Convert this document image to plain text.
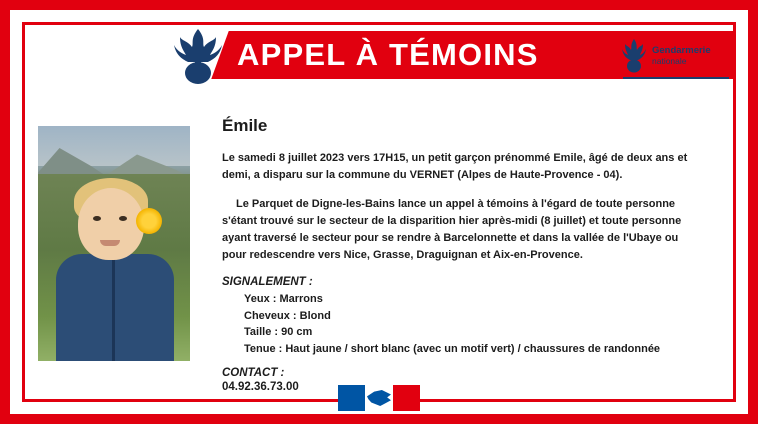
APPEL À TÉMOINS	Gendarmerie
nationale
Émile

Le samedi 8 juillet 2023 vers 17H15, un petit garçon prénommé Emile, âgé de deux ans et demi, a disparu sur la commune du VERNET (Alpes de Haute-Provence - 04).

Le Parquet de Digne-les-Bains lance un appel à témoins à l'égard de toute personne s'étant trouvé sur le secteur de la disparition hier après-midi (8 juillet) et toute personne ayant traversé le secteur pour se rendre à Barcelonnette et dans la vallée de l'Ubaye ou pour redescendre vers Nice, Grasse, Draguignan et Aix-en-Provence.

SIGNALEMENT :
Yeux : Marrons
Cheveux : Blond
Taille : 90 cm
Tenue : Haut jaune / short blanc (avec un motif vert) / chaussures de randonnée
CONTACT :
04.92.36.73.00
